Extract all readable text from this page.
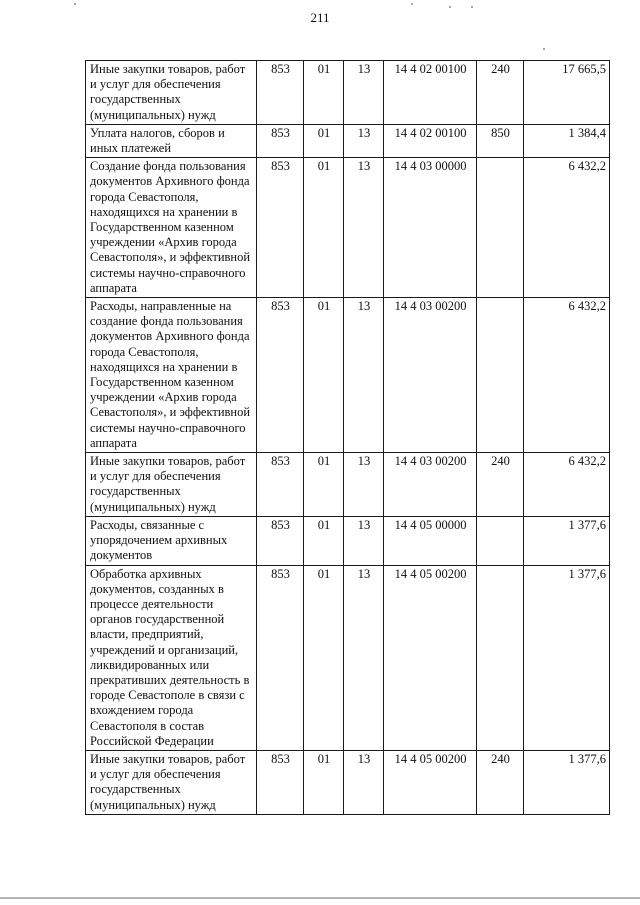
211
Иные закупки товаров, работ и услуг для обеспечения государственных (муниципальных) нужд	853	01	13	14 4 02 00100	240	17 665,5
Уплата налогов, сборов и иных платежей	853	01	13	14 4 02 00100	850	1 384,4
Создание фонда пользования документов Архивного фонда города Севастополя, находящихся на хранении в Государственном казенном учреждении «Архив города Севастополя», и эффективной системы научно-справочного аппарата	853	01	13	14 4 03 00000		6 432,2
Расходы, направленные на создание фонда пользования документов Архивного фонда города Севастополя, находящихся на хранении в Государственном казенном учреждении «Архив города Севастополя», и эффективной системы научно-справочного аппарата	853	01	13	14 4 03 00200		6 432,2
Иные закупки товаров, работ и услуг для обеспечения государственных (муниципальных) нужд	853	01	13	14 4 03 00200	240	6 432,2
Расходы, связанные с упорядочением архивных документов	853	01	13	14 4 05 00000		1 377,6
Обработка архивных документов, созданных в процессе деятельности органов государственной власти, предприятий, учреждений и организаций, ликвидированных или прекративших деятельность в городе Севастополе в связи с вхождением города Севастополя в состав Российской Федерации	853	01	13	14 4 05 00200		1 377,6
Иные закупки товаров, работ и услуг для обеспечения государственных (муниципальных) нужд	853	01	13	14 4 05 00200	240	1 377,6
